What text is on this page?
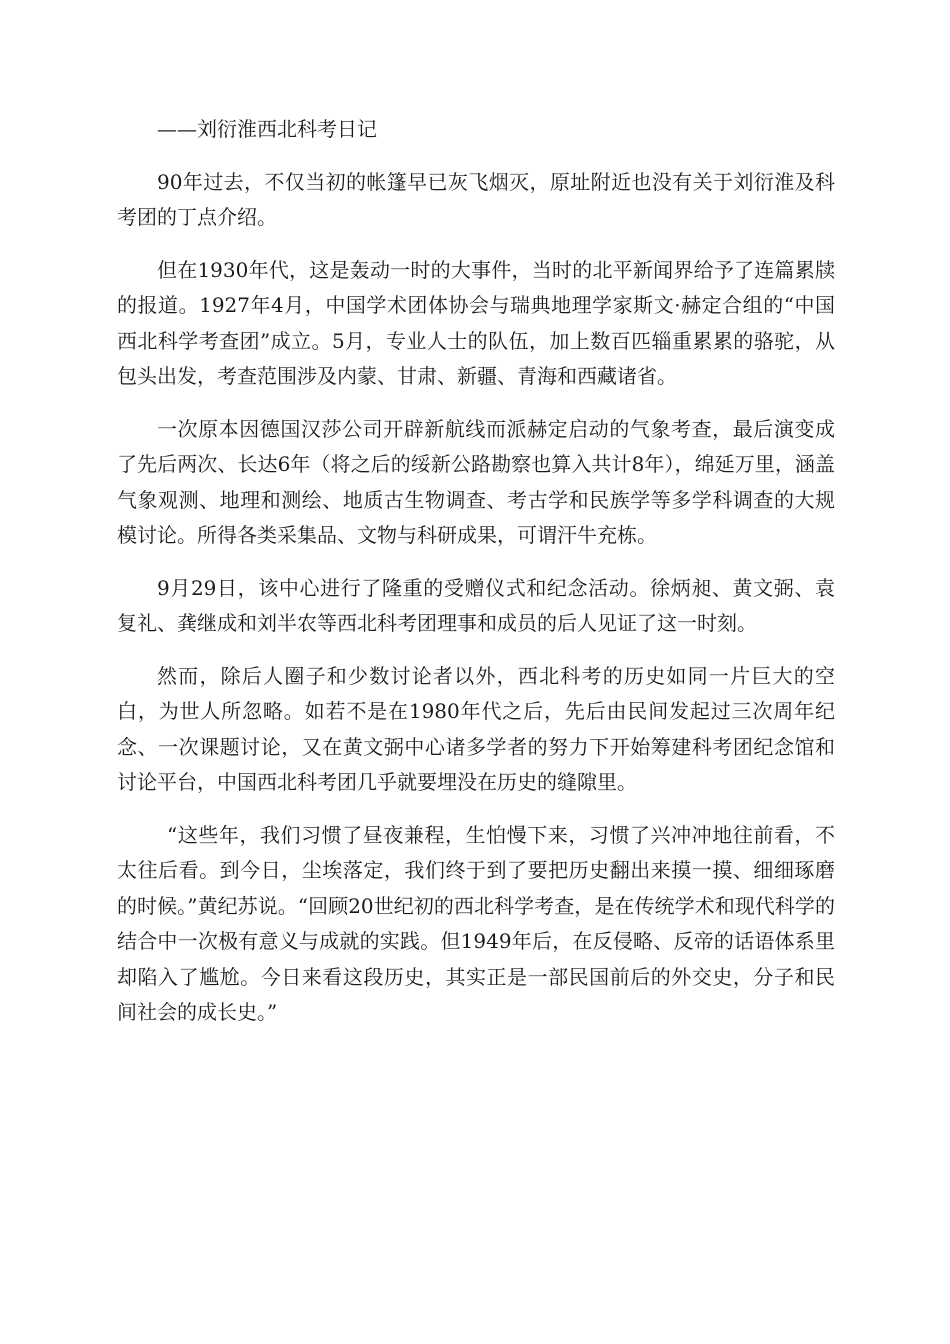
——刘衍淮西北科考日记

90年过去，不仅当初的帐篷早已灰飞烟灭，原址附近也没有关于刘衍淮及科考团的丁点介绍。

但在1930年代，这是轰动一时的大事件，当时的北平新闻界给予了连篇累牍的报道。1927年4月，中国学术团体协会与瑞典地理学家斯文·赫定合组的“中国西北科学考查团”成立。5月，专业人士的队伍，加上数百匹辎重累累的骆驼，从包头出发，考查范围涉及内蒙、甘肃、新疆、青海和西藏诸省。

一次原本因德国汉莎公司开辟新航线而派赫定启动的气象考查，最后演变成了先后两次、长达6年（将之后的绥新公路勘察也算入共计8年），绵延万里，涵盖气象观测、地理和测绘、地质古生物调查、考古学和民族学等多学科调查的大规模讨论。所得各类采集品、文物与科研成果，可谓汗牛充栋。

9月29日，该中心进行了隆重的受赠仪式和纪念活动。徐炳昶、黄文弼、袁复礼、龚继成和刘半农等西北科考团理事和成员的后人见证了这一时刻。

然而，除后人圈子和少数讨论者以外，西北科考的历史如同一片巨大的空白，为世人所忽略。如若不是在1980年代之后，先后由民间发起过三次周年纪念、一次课题讨论，又在黄文弼中心诸多学者的努力下开始筹建科考团纪念馆和讨论平台，中国西北科考团几乎就要埋没在历史的缝隙里。

“这些年，我们习惯了昼夜兼程，生怕慢下来，习惯了兴冲冲地往前看，不太往后看。到今日，尘埃落定，我们终于到了要把历史翻出来摸一摸、细细琢磨的时候。”黄纪苏说。“回顾20世纪初的西北科学考查，是在传统学术和现代科学的结合中一次极有意义与成就的实践。但1949年后，在反侵略、反帝的话语体系里却陷入了尴尬。今日来看这段历史，其实正是一部民国前后的外交史，分子和民间社会的成长史。”
